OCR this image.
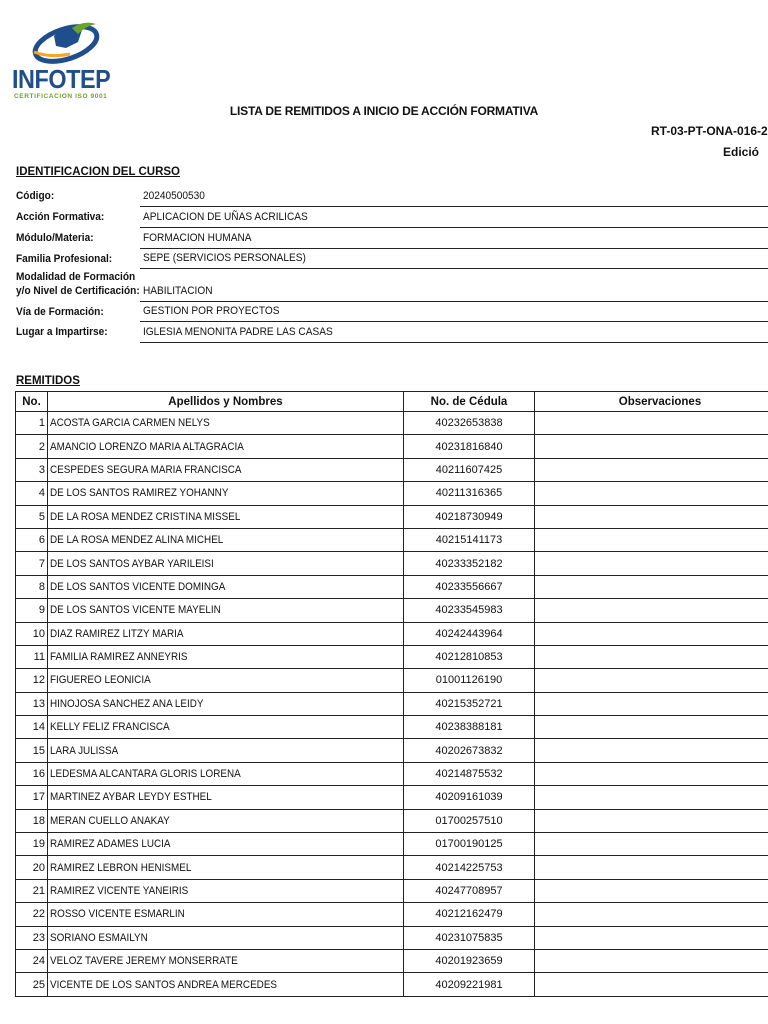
INFOTEP
CERTIFICACION ISO 9001
LISTA DE REMITIDOS A INICIO DE ACCIÓN FORMATIVA
RT-03-PT-ONA-016-2
Edició
IDENTIFICACION DEL CURSO
Código:	20240500530
Acción Formativa:	APLICACION DE UÑAS ACRILICAS
Módulo/Materia:	FORMACION HUMANA
Familia Profesional:	SEPE (SERVICIOS PERSONALES)
Modalidad de Formación
y/o Nivel de Certificación: HABILITACION
Vía de Formación:	GESTION POR PROYECTOS
Lugar a Impartirse:	IGLESIA MENONITA PADRE LAS CASAS
REMITIDOS
No.	Apellidos y Nombres	No. de Cédula	Observaciones
1	ACOSTA GARCIA CARMEN NELYS	40232653838	
2	AMANCIO LORENZO MARIA ALTAGRACIA	40231816840	
3	CESPEDES SEGURA MARIA FRANCISCA	40211607425	
4	DE LOS SANTOS RAMIREZ YOHANNY	40211316365	
5	DE LA ROSA MENDEZ CRISTINA MISSEL	40218730949	
6	DE LA ROSA MENDEZ ALINA MICHEL	40215141173	
7	DE LOS SANTOS AYBAR YARILEISI	40233352182	
8	DE LOS SANTOS VICENTE DOMINGA	40233556667	
9	DE LOS SANTOS VICENTE MAYELIN	40233545983	
10	DIAZ RAMIREZ LITZY MARIA	40242443964	
11	FAMILIA RAMIREZ ANNEYRIS	40212810853	
12	FIGUEREO LEONICIA	01001126190	
13	HINOJOSA SANCHEZ ANA LEIDY	40215352721	
14	KELLY FELIZ FRANCISCA	40238388181	
15	LARA JULISSA	40202673832	
16	LEDESMA ALCANTARA GLORIS LORENA	40214875532	
17	MARTINEZ AYBAR LEYDY ESTHEL	40209161039	
18	MERAN CUELLO ANAKAY	01700257510	
19	RAMIREZ ADAMES LUCIA	01700190125	
20	RAMIREZ LEBRON HENISMEL	40214225753	
21	RAMIREZ VICENTE YANEIRIS	40247708957	
22	ROSSO VICENTE ESMARLIN	40212162479	
23	SORIANO ESMAILYN	40231075835	
24	VELOZ TAVERE JEREMY MONSERRATE	40201923659	
25	VICENTE DE LOS SANTOS ANDREA MERCEDES	40209221981	
